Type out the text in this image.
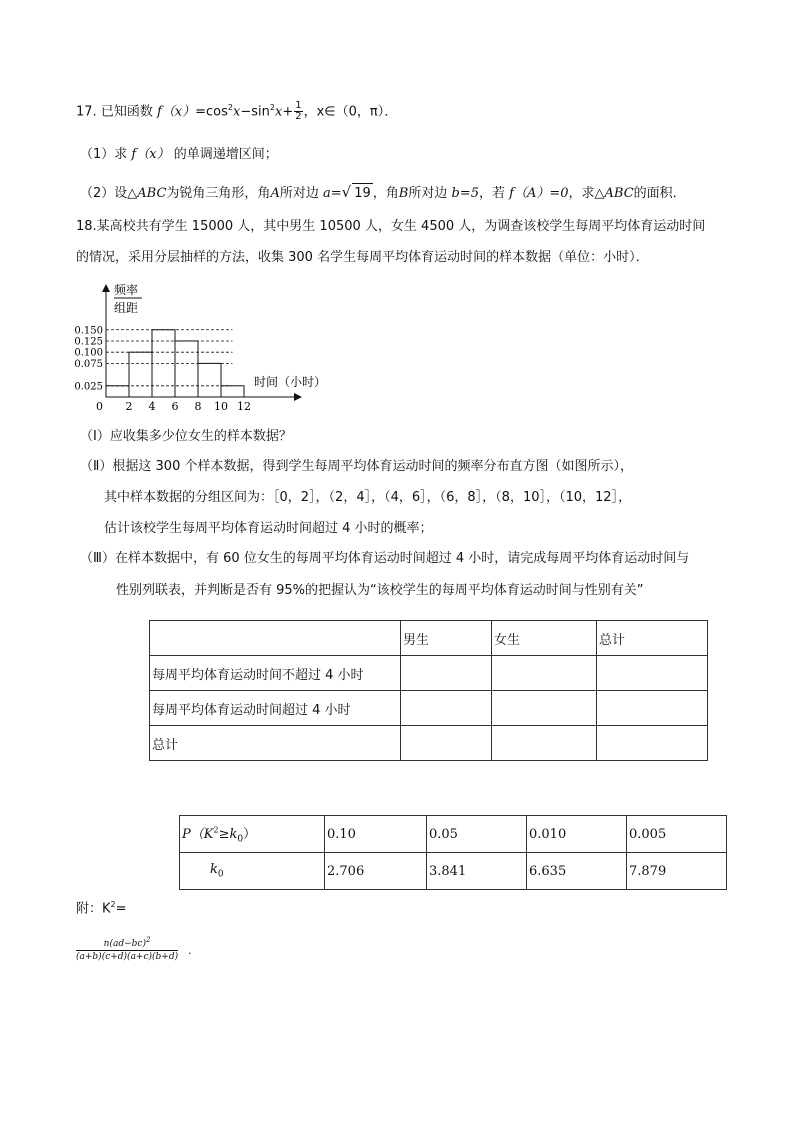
17. 已知函数 $f(x)=\cos^2x-\sin^2x+ \frac{1}{2}$ ，x∈（0，π）．
（1）求 f（x） 的单调递增区间；
（2）设△ABC为锐角三角形，角A所对边 a=√ 19 ，角B所对边 b=5，若 f（A）=0，求△ABC的面积．
18.某高校共有学生 15000 人，其中男生 10500 人，女生 4500 人，为调查该校学生每周平均体育运动时间
的情况，采用分层抽样的方法，收集 300 名学生每周平均体育运动时间的样本数据（单位：小时）．
频率
组距
时间（小时）
0
0.025
0.075
0.100
0.125
0.150
2 4 6 8 10 12
（Ⅰ）应收集多少位女生的样本数据？
（Ⅱ）根据这 300 个样本数据，得到学生每周平均体育运动时间的频率分布直方图（如图所示），
其中样本数据的分组区间为：［0，2］，（2，4］，（4，6］，（6，8］，（8，10］，（10，12］，
估计该校学生每周平均体育运动时间超过 4 小时的概率；
（Ⅲ）在样本数据中，有 60 位女生的每周平均体育运动时间超过 4 小时，请完成每周平均体育运动时间与
性别列联表，并判断是否有 95%的把握认为“该校学生的每周平均体育运动时间与性别有关”
	男生	女生	总计
每周平均体育运动时间不超过 4 小时			
每周平均体育运动时间超过 4 小时			
总计			
$P(K^2\ge k_0)$	0.10	0.05	0.010	0.005
$k_0$	2.706	3.841	6.635	7.879
附：$K^2=$
$\frac{n(ad-bc)^2}{(a+b)(c+d)(a+c)(b+d)}$ .
